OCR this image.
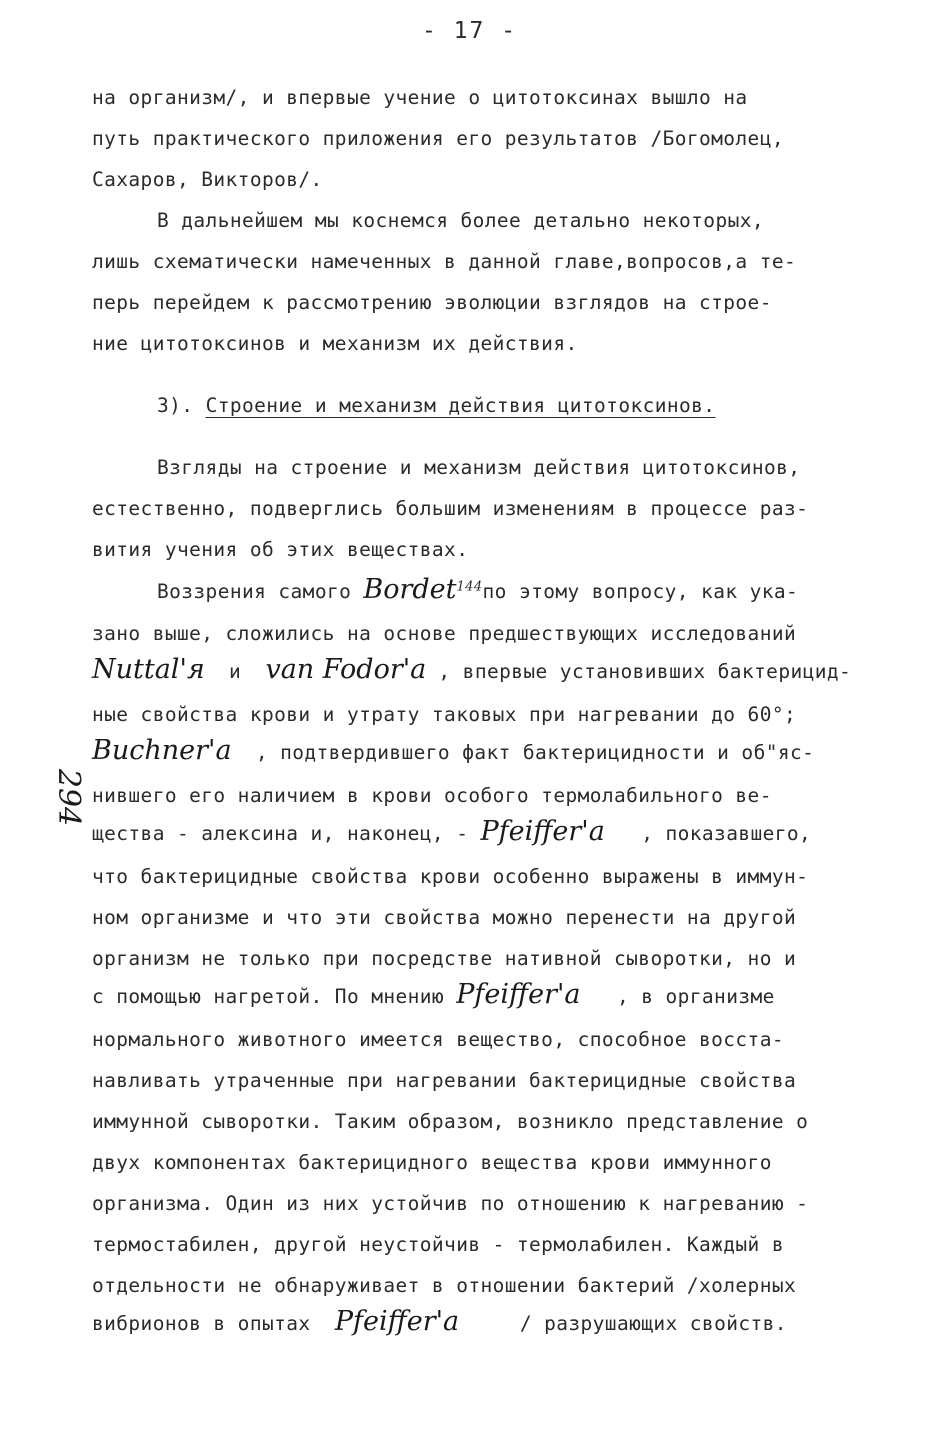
- 17 -
294
на организм/, и впервые учение о цитотоксинах вышло на
путь практического приложения его результатов /Богомолец,
Сахаров, Викторов/.
В дальнейшем мы коснемся более детально некоторых,
лишь схематически намеченных в данной главе,вопросов,а те-
перь перейдем к рассмотрению эволюции взглядов на строе-
ние цитотоксинов и механизм их действия.
3). Строение и механизм действия цитотоксинов.
Взгляды на строение и механизм действия цитотоксинов,
естественно, подверглись большим изменениям в процессе раз-
вития учения об этих веществах.
Воззрения самого Bordet$^{144}$по этому вопросу, как ука-
зано выше, сложились на основе предшествующих исследований
Nuttal'я и van Fodor'a , впервые установивших бактерицид-
ные свойства крови и утрату таковых при нагревании до 60°;
Buchner'a , подтвердившего факт бактерицидности и об"яс-
нившего его наличием в крови особого термолабильного ве-
щества - алексина и, наконец, - Pfeiffer'a , показавшего,
что бактерицидные свойства крови особенно выражены в иммун-
ном организме и что эти свойства можно перенести на другой
организм не только при посредстве нативной сыворотки, но и
с помощью нагретой. По мнению Pfeiffer'a , в организме
нормального животного имеется вещество, способное восста-
навливать утраченные при нагревании бактерицидные свойства
иммунной сыворотки. Таким образом, возникло представление о
двух компонентах бактерицидного вещества крови иммунного
организма. Один из них устойчив по отношению к нагреванию -
термостабилен, другой неустойчив - термолабилен. Каждый в
отдельности не обнаруживает в отношении бактерий /холерных
вибрионов в опытах Pfeiffer'a	/ разрушающих свойств.
